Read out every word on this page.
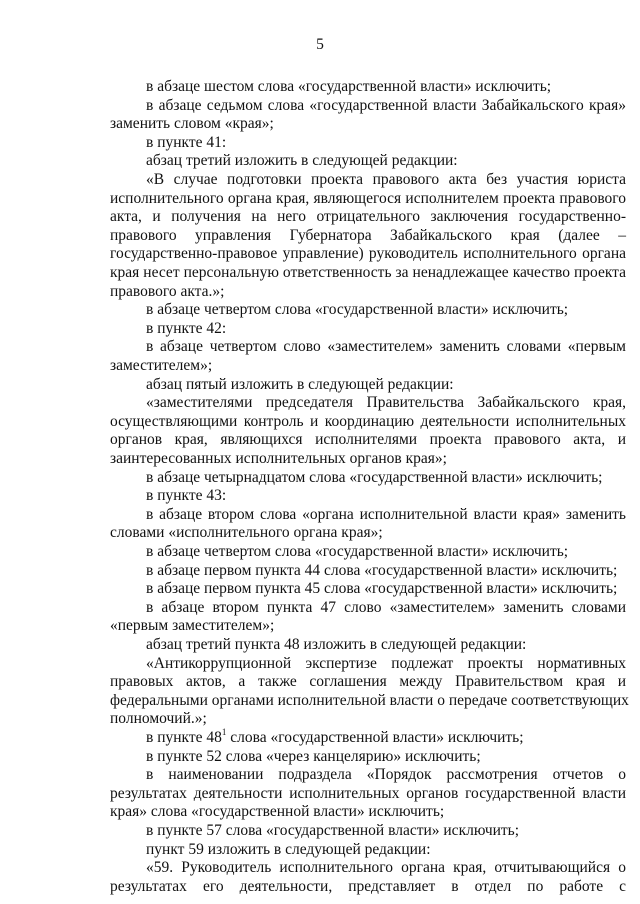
5
в абзаце шестом слова «государственной власти» исключить;
в абзаце седьмом слова «государственной власти Забайкальского края»
заменить словом «края»;
в пункте 41:
абзац третий изложить в следующей редакции:
«В случае подготовки проекта правового акта без участия юриста
исполнительного органа края, являющегося исполнителем проекта правового
акта, и получения на него отрицательного заключения государственно-
правового управления Губернатора Забайкальского края (далее –
государственно-правовое управление) руководитель исполнительного органа
края несет персональную ответственность за ненадлежащее качество проекта
правового акта.»;
в абзаце четвертом слова «государственной власти» исключить;
в пункте 42:
в абзаце четвертом слово «заместителем» заменить словами «первым
заместителем»;
абзац пятый изложить в следующей редакции:
«заместителями председателя Правительства Забайкальского края,
осуществляющими контроль и координацию деятельности исполнительных
органов края, являющихся исполнителями проекта правового акта, и
заинтересованных исполнительных органов края»;
в абзаце четырнадцатом слова «государственной власти» исключить;
в пункте 43:
в абзаце втором слова «органа исполнительной власти края» заменить
словами «исполнительного органа края»;
в абзаце четвертом слова «государственной власти» исключить;
в абзаце первом пункта 44 слова «государственной власти» исключить;
в абзаце первом пункта 45 слова «государственной власти» исключить;
в абзаце втором пункта 47 слово «заместителем» заменить словами
«первым заместителем»;
абзац третий пункта 48 изложить в следующей редакции:
«Антикоррупционной экспертизе подлежат проекты нормативных
правовых актов, а также соглашения между Правительством края и
федеральными органами исполнительной власти о передаче соответствующих
полномочий.»;
в пункте $48^1$ слова «государственной власти» исключить;
в пункте 52 слова «через канцелярию» исключить;
в наименовании подраздела «Порядок рассмотрения отчетов о
результатах деятельности исполнительных органов государственной власти
края» слова «государственной власти» исключить;
в пункте 57 слова «государственной власти» исключить;
пункт 59 изложить в следующей редакции:
«59. Руководитель исполнительного органа края, отчитывающийся о
результатах его деятельности, представляет в отдел по работе с
